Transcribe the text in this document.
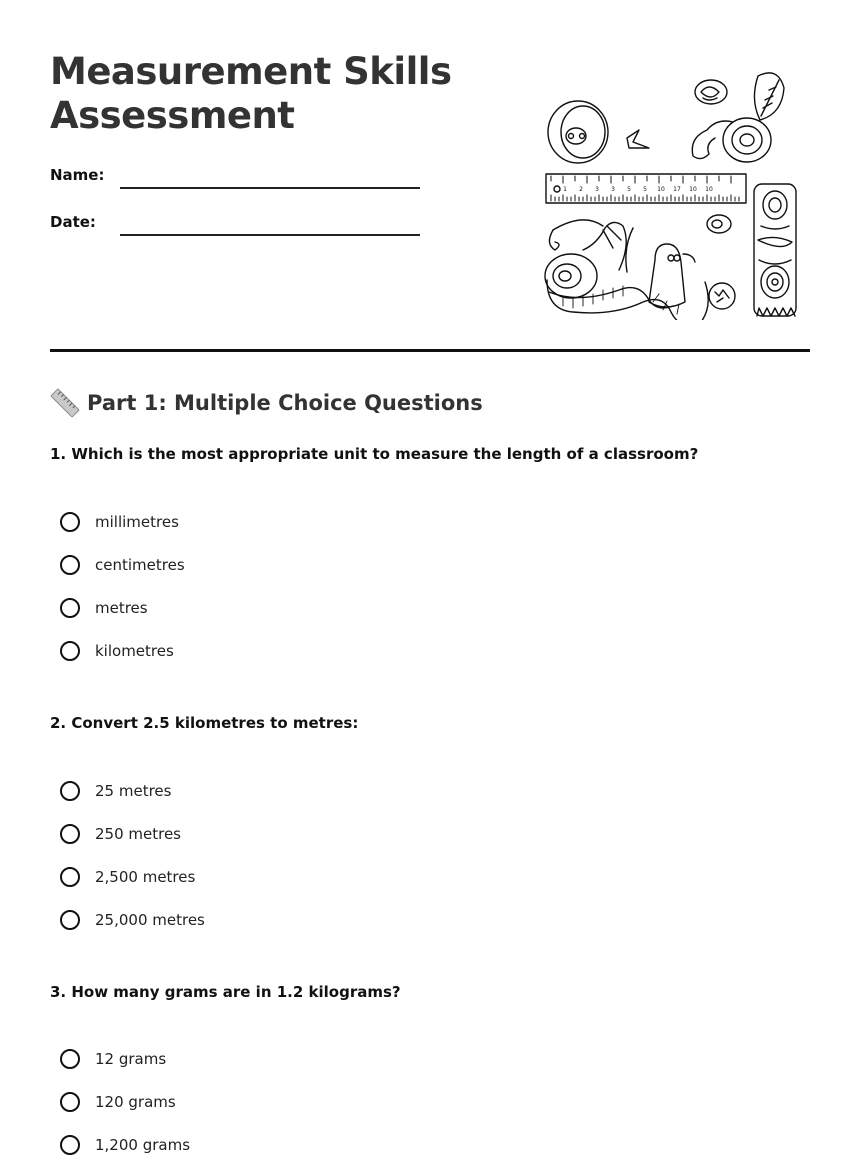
Measurement Skills
Assessment
Name:
Date:
1 2 3 3 5 5 10 17 10 10
Part 1: Multiple Choice Questions

1. Which is the most appropriate unit to measure the length of a classroom?

millimetres
centimetres
metres
kilometres

2. Convert 2.5 kilometres to metres:

25 metres
250 metres
2,500 metres
25,000 metres

3. How many grams are in 1.2 kilograms?

12 grams
120 grams
1,200 grams
